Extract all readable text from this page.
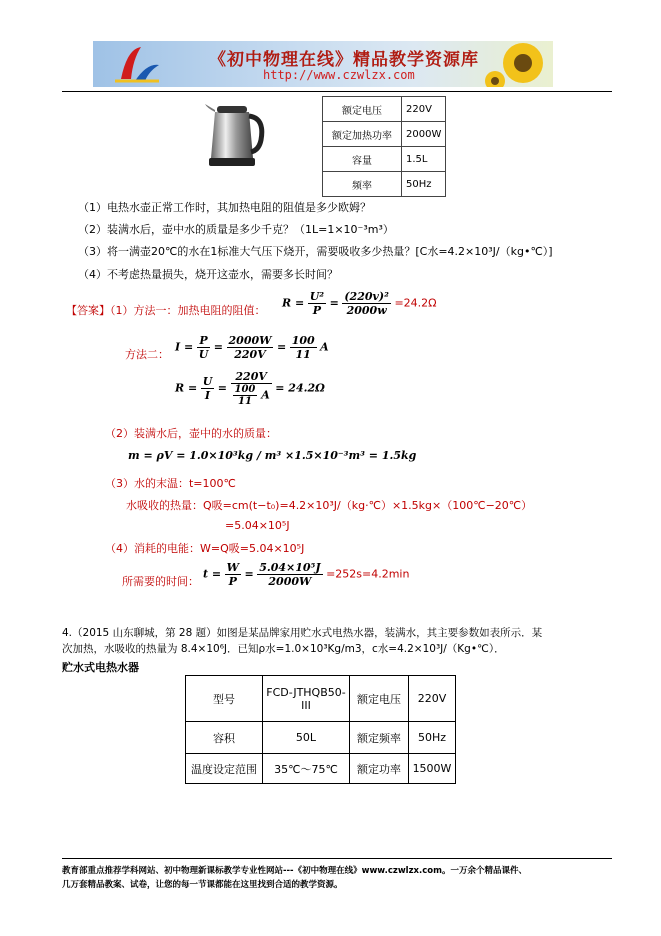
《初中物理在线》精品教学资源库
http://www.czwlzx.com
额定电压	220V
额定加热功率	2000W
容量	1.5L
频率	50Hz
（1）电热水壶正常工作时，其加热电阻的阻值是多少欧姆？
（2）装满水后，壶中水的质量是多少千克？（1L=1×10⁻³m³）
（3）将一满壶20℃的水在1标准大气压下烧开，需要吸收多少热量？[C水=4.2×10³J/（kg•℃）]
（4）不考虑热量损失，烧开这壶水，需要多长时间？
【答案】（1）方法一：加热电阻的阻值：
$R = \frac{\text{U²}}{P} = \frac{\text{(220v)²}}{2000w} =24.2\Omega$
方法二：
$I = \frac{P}{U} = \frac{2000W}{220V} = \frac{100}{11}$ A
$R = \frac{U}{I} = \frac{220V}{\frac{100}{11} A} = 24.2\Omega$
（2）装满水后，壶中的水的质量：
m = ρV = 1.0×10³kg / m³ ×1.5×10⁻³m³ = 1.5kg
（3）水的末温：t=100℃
水吸收的热量：Q吸=cm(t−t₀)=4.2×10³J/（kg·℃）×1.5kg×（100℃−20℃）
=5.04×10⁵J
（4）消耗的电能：W=Q吸=5.04×10⁵J
所需要的时间：
$t = \frac{W}{P} = \frac{\text{5.04×10⁵J}}{2000W} =252s=4.2\min$
4.（2015 山东聊城，第 28 题）如图是某品牌家用贮水式电热水器，装满水，其主要参数如表所示．某
次加热，水吸收的热量为 8.4×10⁶J．已知ρ水=1.0×10³Kg/m3，c水=4.2×10³J/（Kg•℃）．
贮水式电热水器
型号	FCD-JTHQB50-III	额定电压	220V
容积	50L	额定频率	50Hz
温度设定范围	35℃～75℃	额定功率	1500W
教育部重点推荐学科网站、初中物理新课标教学专业性网站---《初中物理在线》www.czwlzx.com。一万余个精品课件、
几万套精品教案、试卷，让您的每一节课都能在这里找到合适的教学资源。
